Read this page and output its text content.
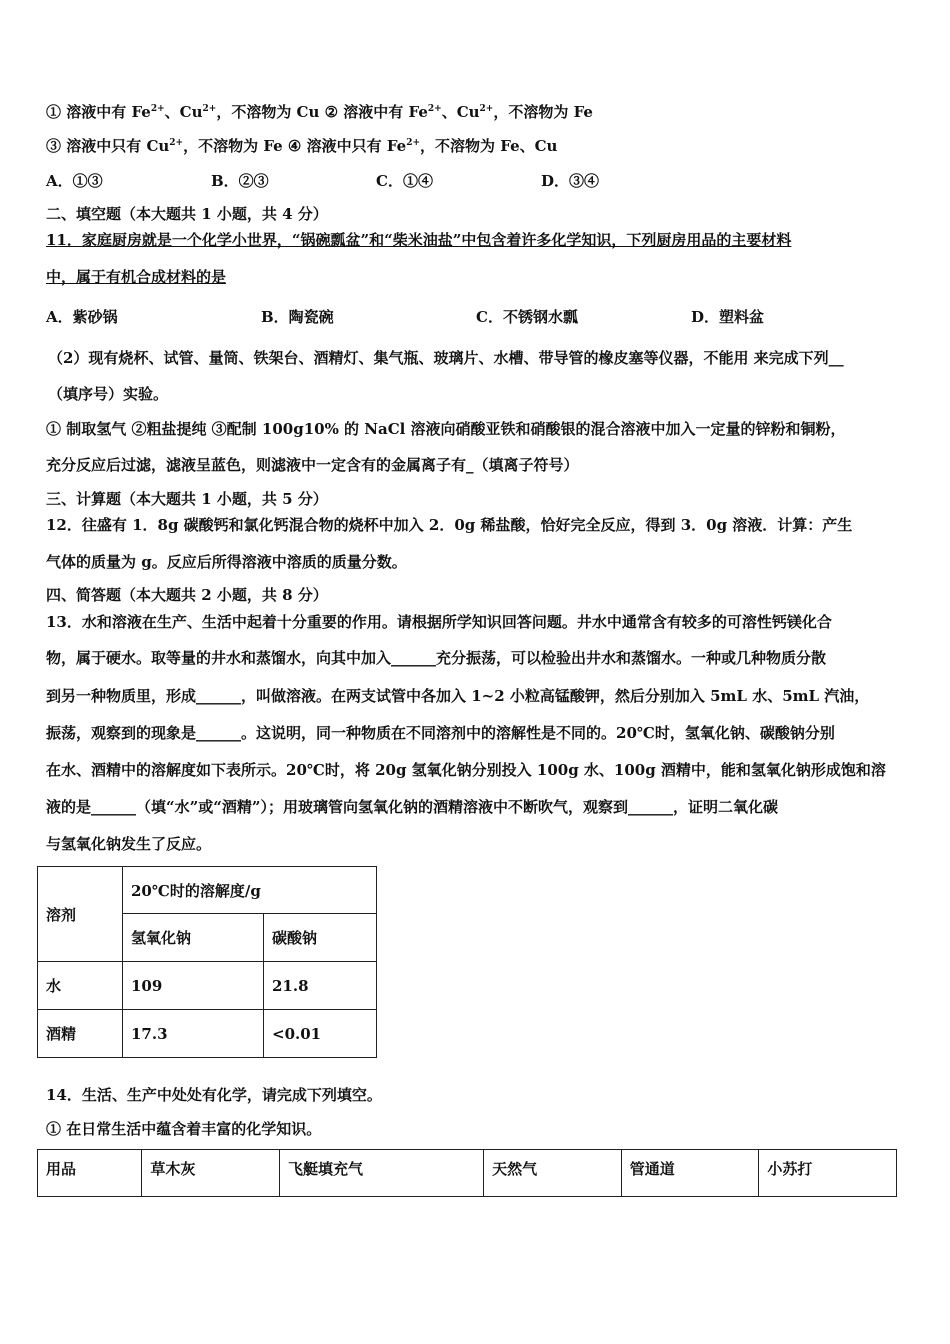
① 溶液中有 $Fe^{2+}$、$Cu^{2+}$，不溶物为 Cu ② 溶液中有 $Fe^{2+}$、$Cu^{2+}$，不溶物为 Fe
③ 溶液中只有 $Cu^{2+}$，不溶物为 Fe ④ 溶液中只有 $Fe^{2+}$，不溶物为 Fe、Cu
A．①③	B．②③	C．①④	D．③④
二、填空题（本大题共 1 小题，共 4 分）
11．家庭厨房就是一个化学小世界，“锅碗瓢盆”和“柴米油盐”中包含着许多化学知识，下列厨房用品的主要材料
中，属于有机合成材料的是
A．紫砂锅	B．陶瓷碗	C．不锈钢水瓢	D．塑料盆
（2）现有烧杯、试管、量筒、铁架台、酒精灯、集气瓶、玻璃片、水槽、带导管的橡皮塞等仪器，不能用 来完成下列__
（填序号）实验。
① 制取氢气 ②粗盐提纯 ③配制 100g10% 的 NaCl 溶液向硝酸亚铁和硝酸银的混合溶液中加入一定量的锌粉和铜粉，
充分反应后过滤，滤液呈蓝色，则滤液中一定含有的金属离子有_（填离子符号）
三、计算题（本大题共 1 小题，共 5 分）
12．往盛有 1．8g 碳酸钙和氯化钙混合物的烧杯中加入 2．0g 稀盐酸，恰好完全反应，得到 3．0g 溶液．计算：产生
气体的质量为 g。反应后所得溶液中溶质的质量分数。
四、简答题（本大题共 2 小题，共 8 分）
13．水和溶液在生产、生活中起着十分重要的作用。请根据所学知识回答问题。井水中通常含有较多的可溶性钙镁化合
物，属于硬水。取等量的井水和蒸馏水，向其中加入______充分振荡，可以检验出井水和蒸馏水。一种或几种物质分散
到另一种物质里，形成______，叫做溶液。在两支试管中各加入 1~2 小粒高锰酸钾，然后分别加入 5mL 水、5mL 汽油，
振荡，观察到的现象是______。这说明，同一种物质在不同溶剂中的溶解性是不同的。20℃时，氢氧化钠、碳酸钠分别
在水、酒精中的溶解度如下表所示。20℃时，将 20g 氢氧化钠分别投入 100g 水、100g 酒精中，能和氢氧化钠形成饱和溶
液的是______（填“水”或“酒精”）；用玻璃管向氢氧化钠的酒精溶液中不断吹气，观察到______，证明二氧化碳
与氢氧化钠发生了反应。
溶剂	20℃时的溶解度/g	
	氢氧化钠	碳酸钠
水	109	21.8
酒精	17.3	<0.01
14．生活、生产中处处有化学，请完成下列填空。
① 在日常生活中蕴含着丰富的化学知识。
用品	草木灰	飞艇填充气	天然气	管通道	小苏打
